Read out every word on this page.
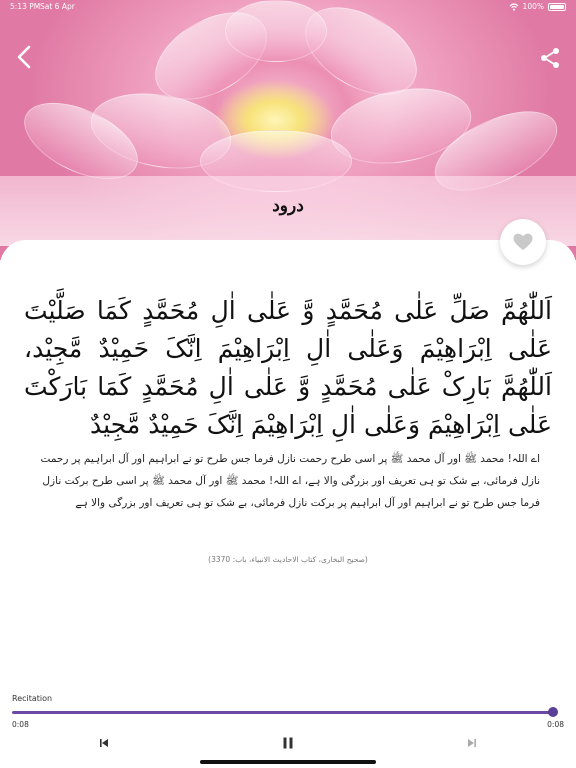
5:13 PM Sat 6 Apr	100%
درود
اَللّٰھُمَّ صَلِّ عَلٰی مُحَمَّدٍ وَّ عَلٰی اٰلِ مُحَمَّدٍ کَمَا صَلَّیْتَ عَلٰی اِبْرَاھِیْمَ وَعَلٰی اٰلِ اِبْرَاھِیْمَ اِنَّکَ حَمِیْدٌ مَّجِیْد، اَللّٰھُمَّ بَارِکْ عَلٰی مُحَمَّدٍ وَّ عَلٰی اٰلِ مُحَمَّدٍ کَمَا بَارَکْتَ عَلٰی اِبْرَاھِیْمَ وَعَلٰی اٰلِ اِبْرَاھِیْمَ اِنَّکَ حَمِیْدٌ مَّجِیْدٌ
اے اللہ! محمد ﷺ اور آل محمد ﷺ پر اسی طرح رحمت نازل فرما جس طرح تو نے ابراہیم اور آل ابراہیم پر رحمت نازل فرمائی، بے شک تو ہی تعریف اور بزرگی والا ہے، اے اللہ! محمد ﷺ اور آل محمد ﷺ پر اسی طرح برکت نازل فرما جس طرح تو نے ابراہیم اور آل ابراہیم پر برکت نازل فرمائی، بے شک تو ہی تعریف اور بزرگی والا ہے
(صحیح البخاری، کتاب الاحادیث الانبیاء، باب: 3370)
Recitation
0:08	0:08
